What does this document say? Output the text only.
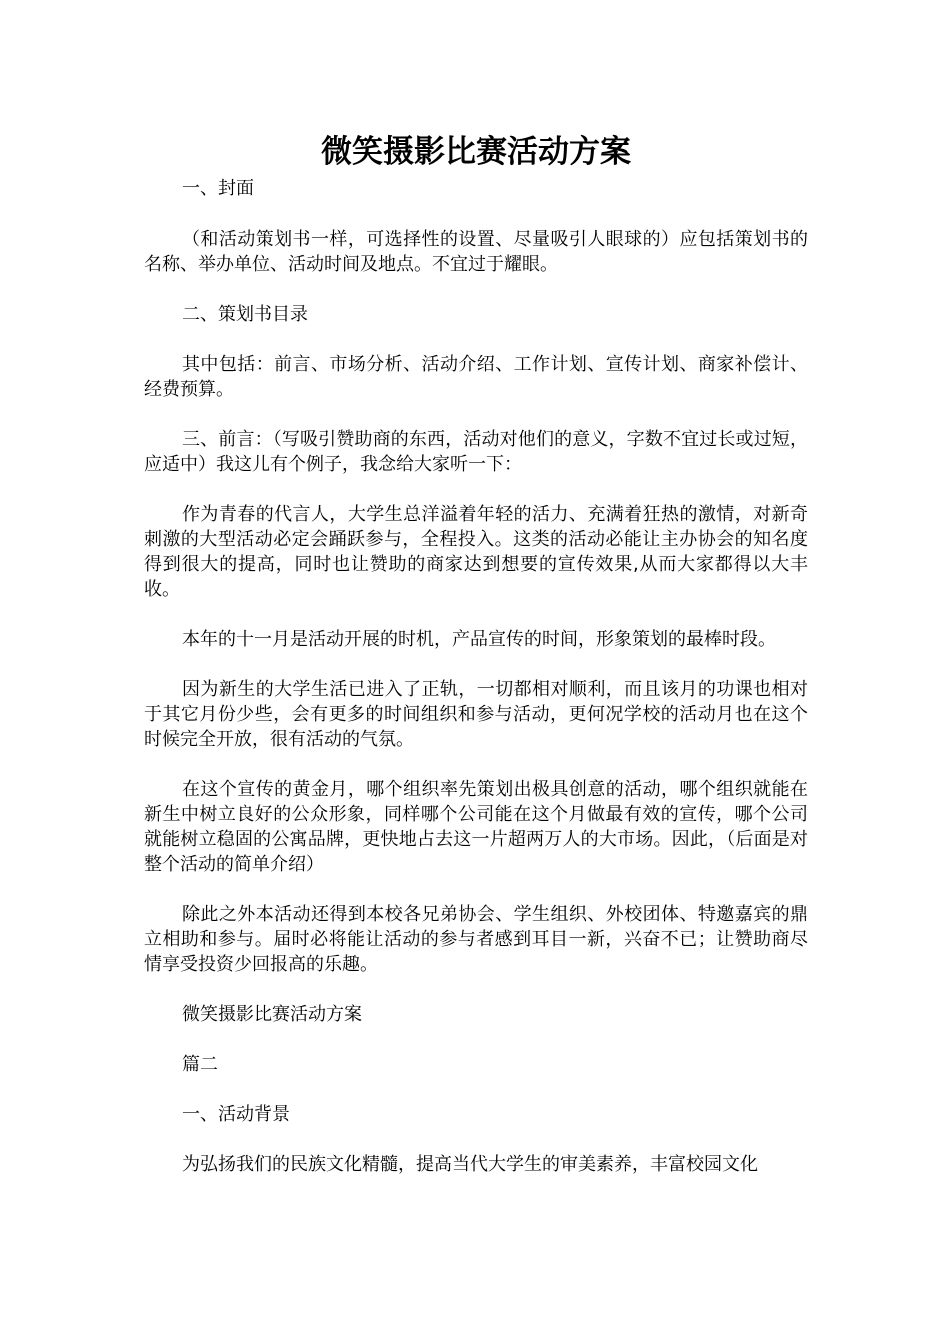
微笑摄影比赛活动方案

一、封面

（和活动策划书一样，可选择性的设置、尽量吸引人眼球的）应包括策划书的名称、举办单位、活动时间及地点。不宜过于耀眼。

二、策划书目录

其中包括：前言、市场分析、活动介绍、工作计划、宣传计划、商家补偿计、经费预算。

三、前言：（写吸引赞助商的东西，活动对他们的意义，字数不宜过长或过短，应适中）我这儿有个例子，我念给大家听一下：

作为青春的代言人，大学生总洋溢着年轻的活力、充满着狂热的激情，对新奇刺激的大型活动必定会踊跃参与，全程投入。这类的活动必能让主办协会的知名度得到很大的提高，同时也让赞助的商家达到想要的宣传效果,从而大家都得以大丰收。

本年的十一月是活动开展的时机，产品宣传的时间，形象策划的最棒时段。

因为新生的大学生活已进入了正轨，一切都相对顺利，而且该月的功课也相对于其它月份少些，会有更多的时间组织和参与活动，更何况学校的活动月也在这个时候完全开放，很有活动的气氛。

在这个宣传的黄金月，哪个组织率先策划出极具创意的活动，哪个组织就能在新生中树立良好的公众形象，同样哪个公司能在这个月做最有效的宣传，哪个公司就能树立稳固的公寓品牌，更快地占去这一片超两万人的大市场。因此，（后面是对整个活动的简单介绍）

除此之外本活动还得到本校各兄弟协会、学生组织、外校团体、特邀嘉宾的鼎立相助和参与。届时必将能让活动的参与者感到耳目一新，兴奋不已；让赞助商尽情享受投资少回报高的乐趣。

微笑摄影比赛活动方案

篇二

一、活动背景

为弘扬我们的民族文化精髓，提高当代大学生的审美素养，丰富校园文化
